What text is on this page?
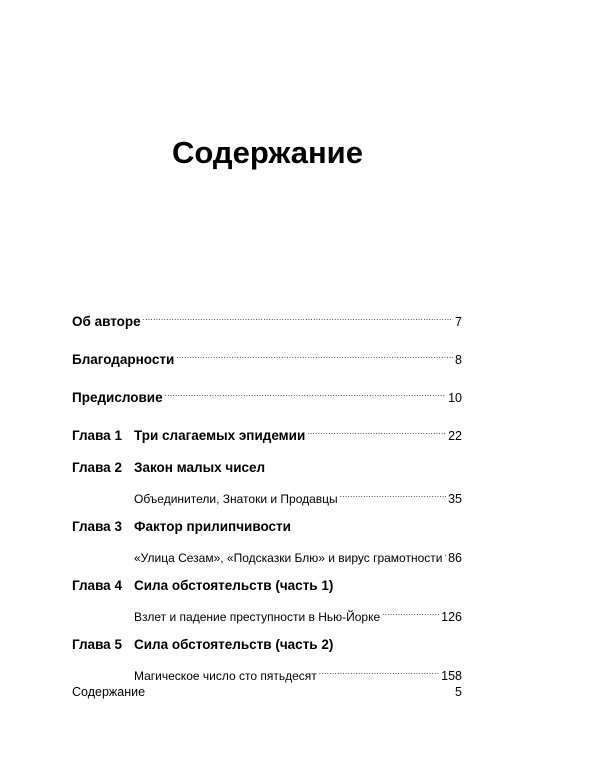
Содержание
Об авторе .....	7
Благодарности .....	8
Предисловие .....	10
Глава 1 Три слагаемых эпидемии .....	22
Глава 2 Закон малых чисел
Объединители, Знатоки и Продавцы .....	35
Глава 3 Фактор прилипчивости
«Улица Сезам», «Подсказки Блю» и вирус грамотности ..... 86
Глава 4 Сила обстоятельств (часть 1)
Взлет и падение преступности в Нью-Йорке .....	126
Глава 5 Сила обстоятельств (часть 2)
Магическое число сто пятьдесят .....	158
Содержание	5
